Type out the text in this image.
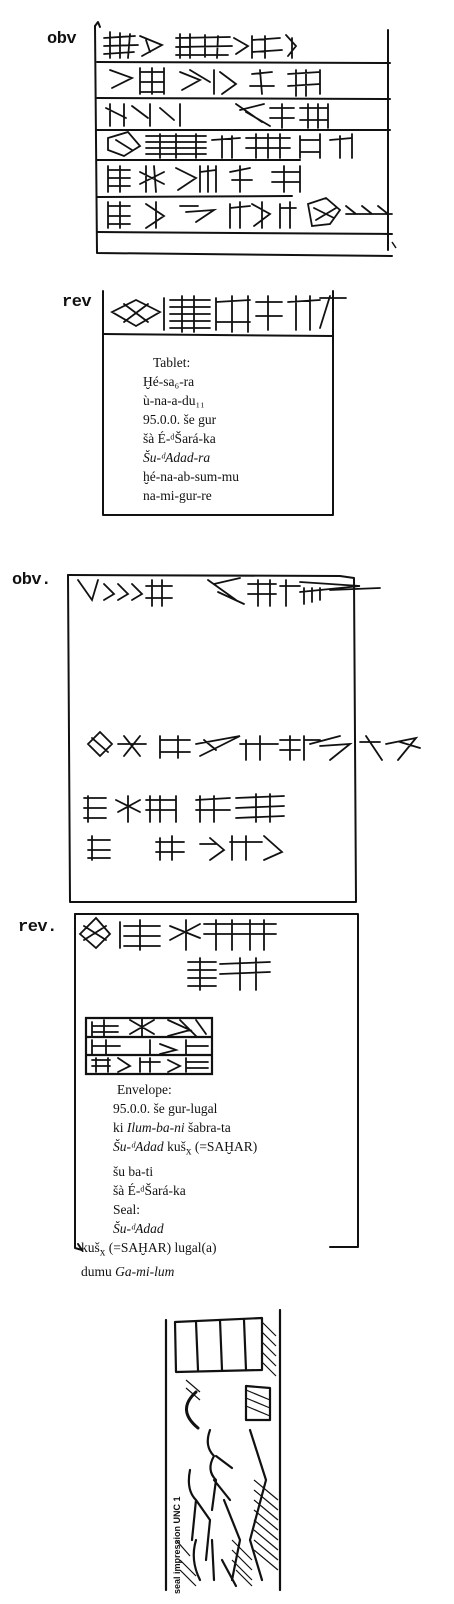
obv
rev
Tablet:
Ḫé-sa₆-ra
ù-na-a-du₁₁
95.0.0. še gur
šà É-ᵈŠará-ka
Šu-ᵈAdad-ra
ḫé-na-ab-sum-mu
na-mi-gur-re
obv.
rev.
Envelope:
95.0.0. še gur-lugal
ki Ilum-ba-ni šabra-ta
Šu-ᵈAdad kuš$_x$ (=SAḪAR)
šu ba-ti
šà É-ᵈŠará-ka
Seal:
Šu-ᵈAdad
kuš$_x$ (=SAḪAR) lugal(a)
dumu Ga-mi-lum
seal impression UNC 1
